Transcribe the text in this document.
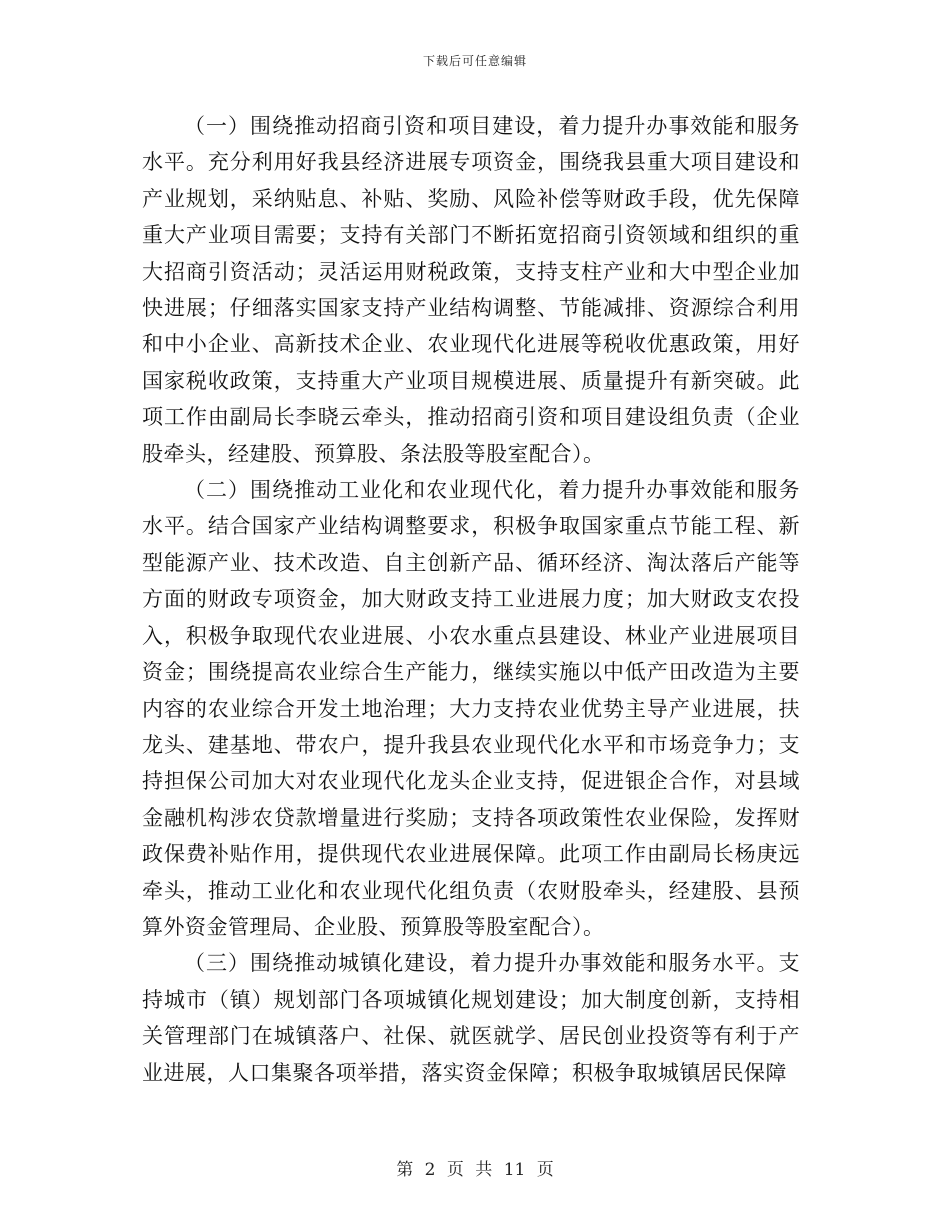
下载后可任意编辑

（一）围绕推动招商引资和项目建设，着力提升办事效能和服务水平。充分利用好我县经济进展专项资金，围绕我县重大项目建设和产业规划，采纳贴息、补贴、奖励、风险补偿等财政手段，优先保障重大产业项目需要；支持有关部门不断拓宽招商引资领域和组织的重大招商引资活动；灵活运用财税政策，支持支柱产业和大中型企业加快进展；仔细落实国家支持产业结构调整、节能减排、资源综合利用和中小企业、高新技术企业、农业现代化进展等税收优惠政策，用好国家税收政策，支持重大产业项目规模进展、质量提升有新突破。此项工作由副局长李晓云牵头，推动招商引资和项目建设组负责（企业股牵头，经建股、预算股、条法股等股室配合）。

（二）围绕推动工业化和农业现代化，着力提升办事效能和服务水平。结合国家产业结构调整要求，积极争取国家重点节能工程、新型能源产业、技术改造、自主创新产品、循环经济、淘汰落后产能等方面的财政专项资金，加大财政支持工业进展力度；加大财政支农投入，积极争取现代农业进展、小农水重点县建设、林业产业进展项目资金；围绕提高农业综合生产能力，继续实施以中低产田改造为主要内容的农业综合开发土地治理；大力支持农业优势主导产业进展，扶龙头、建基地、带农户，提升我县农业现代化水平和市场竞争力；支持担保公司加大对农业现代化龙头企业支持，促进银企合作，对县域金融机构涉农贷款增量进行奖励；支持各项政策性农业保险，发挥财政保费补贴作用，提供现代农业进展保障。此项工作由副局长杨庚远牵头，推动工业化和农业现代化组负责（农财股牵头，经建股、县预算外资金管理局、企业股、预算股等股室配合）。

（三）围绕推动城镇化建设，着力提升办事效能和服务水平。支持城市（镇）规划部门各项城镇化规划建设；加大制度创新，支持相关管理部门在城镇落户、社保、就医就学、居民创业投资等有利于产业进展，人口集聚各项举措，落实资金保障；积极争取城镇居民保障

第 2 页 共 11 页
